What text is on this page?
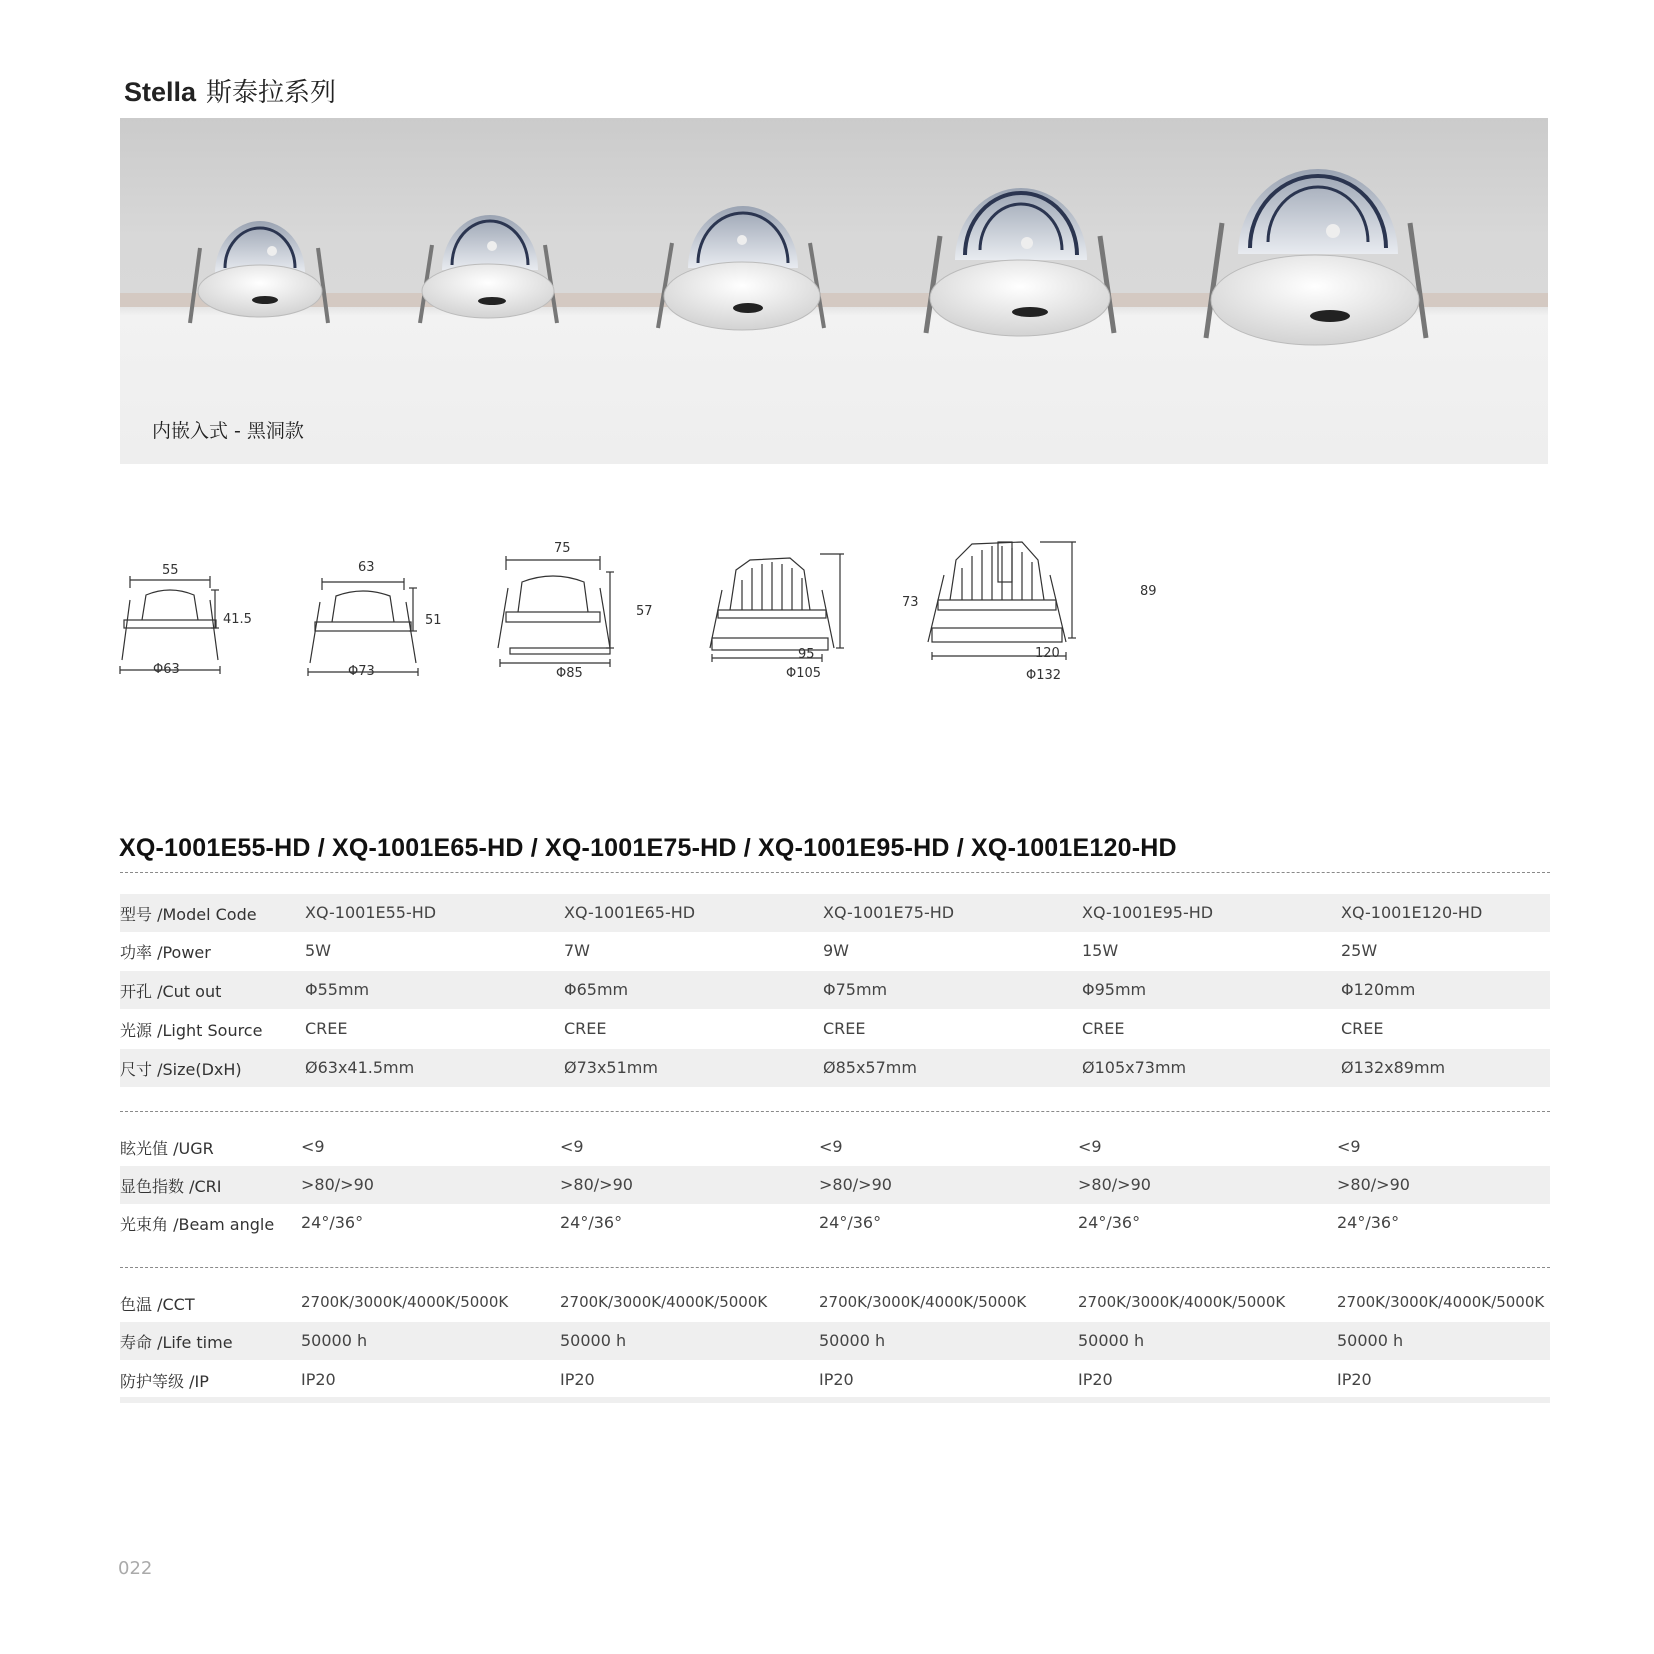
Stella 斯泰拉系列
内嵌入式 - 黑洞款
55
41.5
Φ63
63
51
Φ73
75
57
Φ85
95
73
Φ105
120
89
Φ132
XQ-1001E55-HD / XQ-1001E65-HD / XQ-1001E75-HD / XQ-1001E95-HD / XQ-1001E120-HD
型号 /Model Code	XQ-1001E55-HD	XQ-1001E65-HD	XQ-1001E75-HD	XQ-1001E95-HD	XQ-1001E120-HD
功率 /Power	5W	7W	9W	15W	25W
开孔 /Cut out	Φ55mm	Φ65mm	Φ75mm	Φ95mm	Φ120mm
光源 /Light Source	CREE	CREE	CREE	CREE	CREE
尺寸 /Size(DxH)	Ø63x41.5mm	Ø73x51mm	Ø85x57mm	Ø105x73mm	Ø132x89mm
眩光值 /UGR	<9	<9	<9	<9	<9
显色指数 /CRI	>80/>90	>80/>90	>80/>90	>80/>90	>80/>90
光束角 /Beam angle 24°/36°	24°/36°	24°/36°	24°/36°	24°/36°
色温 /CCT	2700K/3000K/4000K/5000K	2700K/3000K/4000K/5000K	2700K/3000K/4000K/5000K	2700K/3000K/4000K/5000K	2700K/3000K/4000K/5000K
寿命 /Life time	50000 h	50000 h	50000 h	50000 h	50000 h
防护等级 /IP	IP20	IP20	IP20	IP20	IP20
022
